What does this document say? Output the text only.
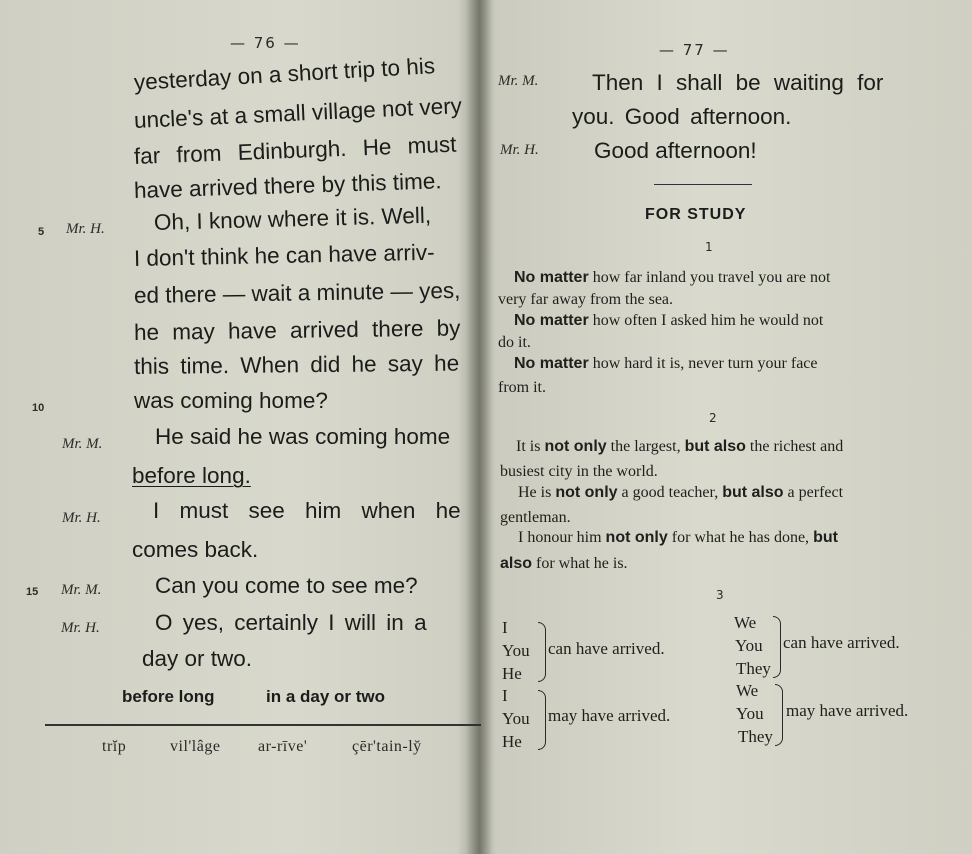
— 76 —
yesterday on a short trip to his
uncle's at a small village not very
far from Edinburgh. He must
have arrived there by this time.
5 Mr. H. Oh, I know where it is. Well,
I don't think he can have arriv-
ed there — wait a minute — yes,
he may have arrived there by
this time. When did he say he
10	was coming home?
Mr. M. He said he was coming home
before long.
Mr. H. I must see him when he
comes back.
15 Mr. M. Can you come to see me?
Mr. H. O yes, certainly I will in a
day or two.
before long	in a day or two
trĭp	vil'lâge ar-rīve'	çēr'tain-ly̆
— 77 —
Mr. M. Then I shall be waiting for
you. Good afternoon.
Mr. H. Good afternoon!
FOR STUDY
1
No matter how far inland you travel you are not
very far away from the sea.
No matter how often I asked him he would not
do it.
No matter how hard it is, never turn your face
from it.
2
It is not only the largest, but also the richest and
busiest city in the world.
He is not only a good teacher, but also a perfect
gentleman.
I honour him not only for what he has done, but
also for what he is.
3
I
You
He
can have arrived.
We
You
They
can have arrived.
I
You
He
may have arrived.
We
You
They
may have arrived.
